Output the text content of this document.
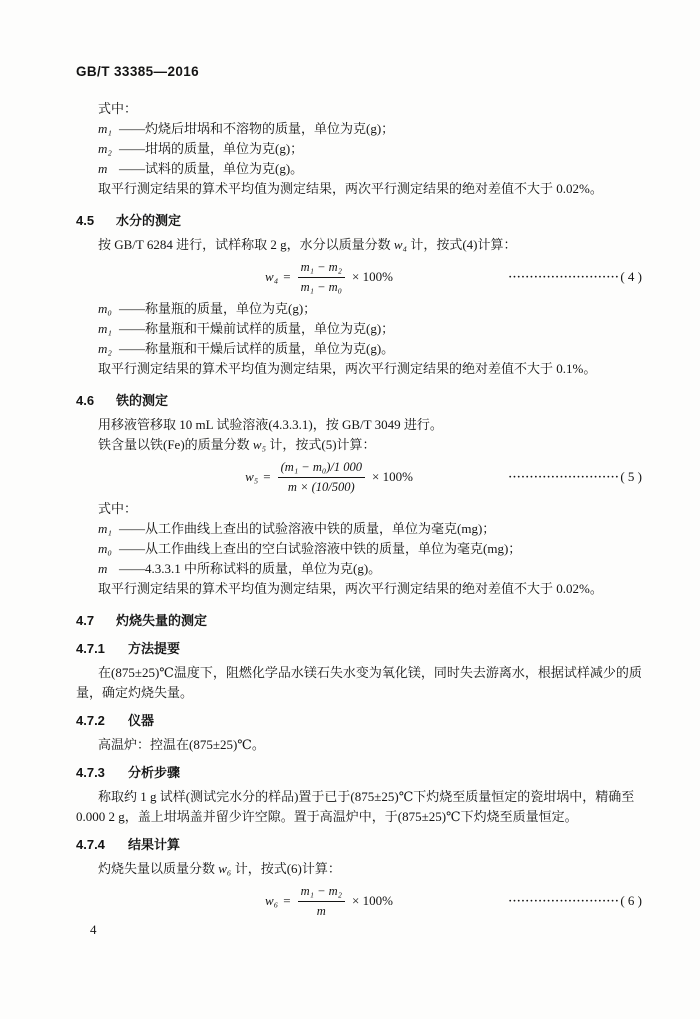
GB/T 33385—2016
式中：
m₁ ——灼烧后坩埚和不溶物的质量，单位为克(g)；
m₂ ——坩埚的质量，单位为克(g)；
m ——试料的质量，单位为克(g)。
取平行测定结果的算术平均值为测定结果，两次平行测定结果的绝对差值不大于 0.02%。
4.5 水分的测定
按 GB/T 6284 进行，试样称取 2 g，水分以质量分数 w₄ 计，按式(4)计算：
$w_4 = \frac{\text{m₁ − m₂}}{\text{m₁ − m₀}} \times 100\%$	·························· ( 4 )
m₀ ——称量瓶的质量，单位为克(g)；
m₁ ——称量瓶和干燥前试样的质量，单位为克(g)；
m₂ ——称量瓶和干燥后试样的质量，单位为克(g)。
取平行测定结果的算术平均值为测定结果，两次平行测定结果的绝对差值不大于 0.1%。
4.6 铁的测定
用移液管移取 10 mL 试验溶液(4.3.3.1)，按 GB/T 3049 进行。
铁含量以铁(Fe)的质量分数 w₅ 计，按式(5)计算：
$w_5 = \frac{\text{(m₁ − m₀)/1 000}}{m \times (10/500)} \times 100\%$	·························· ( 5 )
式中：
m₁ ——从工作曲线上查出的试验溶液中铁的质量，单位为毫克(mg)；
m₀ ——从工作曲线上查出的空白试验溶液中铁的质量，单位为毫克(mg)；
m ——4.3.3.1 中所称试料的质量，单位为克(g)。
取平行测定结果的算术平均值为测定结果，两次平行测定结果的绝对差值不大于 0.02%。
4.7 灼烧失量的测定
4.7.1 方法提要
在(875±25)℃温度下，阻燃化学品水镁石失水变为氧化镁，同时失去游离水，根据试样减少的质量，确定灼烧失量。
4.7.2 仪器
高温炉：控温在(875±25)℃。
4.7.3 分析步骤
称取约 1 g 试样(测试完水分的样品)置于已于(875±25)℃下灼烧至质量恒定的瓷坩埚中，精确至 0.000 2 g，盖上坩埚盖并留少许空隙。置于高温炉中，于(875±25)℃下灼烧至质量恒定。
4.7.4 结果计算
灼烧失量以质量分数 w₆ 计，按式(6)计算：
$w_6 = \frac{\text{m₁ − m₂}}{m} \times 100\%$	·························· ( 6 )
4
